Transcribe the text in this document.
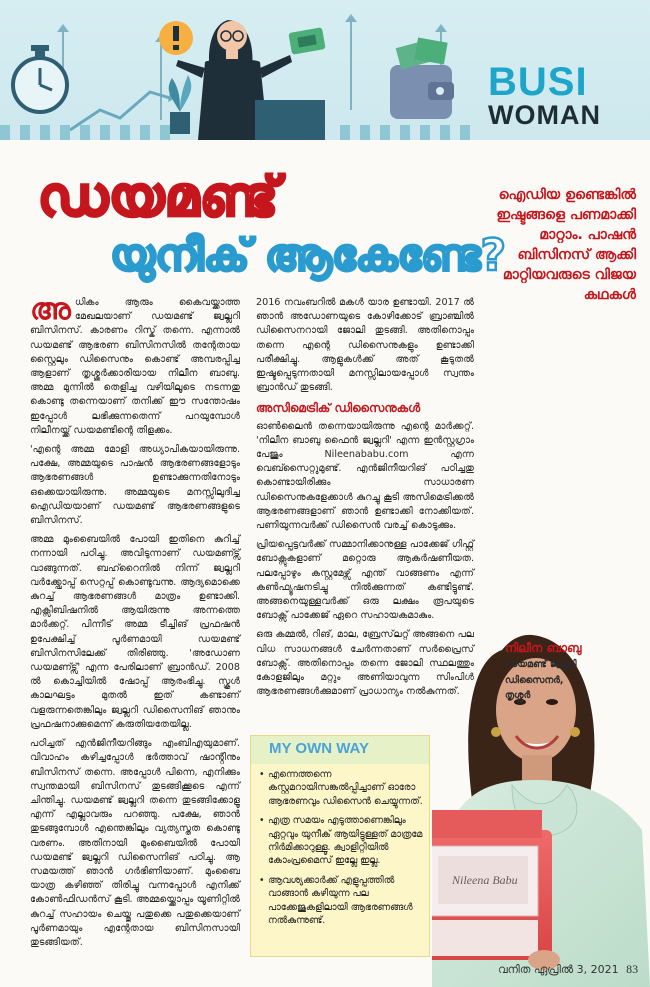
BUSI
WOMAN
ഡയമണ്ട്
യുനീക് ആകേണ്ടേ?
ഐഡിയ ഉണ്ടെങ്കിൽ ഇഷ്ടങ്ങളെ പണമാക്കി മാറ്റാം. പാഷൻ ബിസിനസ് ആക്കി മാറ്റിയവരുടെ വിജയ കഥകൾ

അധികം ആരും കൈവയ്ക്കാത്ത മേഖലയാണ് ഡയമണ്ട് ജ്വല്ലറി ബിസിനസ്. കാരണം റിസ്ക് തന്നെ. എന്നാൽ ഡയമണ്ട് ആഭരണ ബിസിനസിൽ തന്റേതായ സ്റ്റൈലും ഡിസൈനും കൊണ്ട് അമ്പരപ്പിച്ച ആളാണ് തൃശ്ശൂർക്കാരിയായ നിലീന ബാബു. അമ്മ മുന്നിൽ തെളിച്ച വഴിയിലൂടെ നടന്നതു കൊണ്ടു തന്നെയാണ് തനിക്ക് ഈ സന്തോഷം ഇപ്പോൾ ലഭിക്കുന്നതെന്ന് പറയുമ്പോൾ നിലീനയ്ക്ക് ഡയമണ്ടിന്റെ തിളക്കം.

'എന്റെ അമ്മ മോളി അധ്യാപികയായിരുന്നു. പക്ഷേ, അമ്മയുടെ പാഷൻ ആഭരണങ്ങളോടും ആഭരണങ്ങൾ ഉണ്ടാക്കുന്നതിനോടും ഒക്കെയായിരുന്നു. അമ്മയുടെ മനസ്സിലുദിച്ച ഐഡിയയാണ് ഡയമണ്ട് ആഭരണങ്ങളുടെ ബിസിനസ്.

അമ്മ മുംബൈയിൽ പോയി ഇതിനെ കുറിച്ച് നന്നായി പഠിച്ചു. അവിടുന്നാണ് ഡയമണ്ട്സ് വാങ്ങുന്നത്. ബഹ്റൈനിൽ നിന്ന് ജ്വല്ലറി വർക്ക്ഷോപ്പ് സെറ്റപ്പ് കൊണ്ടുവന്നു. ആദ്യമൊക്കെ കുറച്ച് ആഭരണങ്ങൾ മാത്രം ഉണ്ടാക്കി. എക്സിബിഷനിൽ ആയിരുന്നു അന്നത്തെ മാർക്കറ്റ്. പിന്നീട് അമ്മ ടീച്ചിങ് പ്രഫഷൻ ഉപേക്ഷിച്ച് പൂർണമായി ഡയമണ്ട് ബിസിനസിലേക്ക് തിരിഞ്ഞു. 'അഡോണ ഡയമണ്ട്സ്' എന്ന പേരിലാണ് ബ്രാൻഡ്. 2008 ൽ കൊച്ചിയിൽ ഷോപ്പ് ആരംഭിച്ചു. സ്കൂൾ കാലഘട്ടം മുതൽ ഇത് കണ്ടാണ് വളരുന്നതെങ്കിലും ജ്വല്ലറി ഡിസൈനിങ് ഞാനും പ്രഫഷനാക്കുമെന്ന് കരുതിയതേയില്ല.

പഠിച്ചത് എൻജിനീയറിങ്ങും എംബിഎയുമാണ്. വിവാഹം കഴിച്ചപ്പോൾ ഭർത്താവ് ഷാൻ്റിനും ബിസിനസ് തന്നെ. അപ്പോൾ പിന്നെ, എനിക്കും സ്വന്തമായി ബിസിനസ് തുടങ്ങിക്കൂടെ എന്ന് ചിന്തിച്ചു. ഡയമണ്ട് ജ്വല്ലറി തന്നെ തുടങ്ങിക്കോളൂ എന്ന് എല്ലാവരും പറഞ്ഞു. പക്ഷേ, ഞാൻ തുടങ്ങുമ്പോൾ എന്തെങ്കിലും വ്യത്യസ്തത കൊണ്ടു വരണം. അതിനായി മുംബൈയിൽ പോയി ഡയമണ്ട് ജ്വല്ലറി ഡിസൈനിങ് പഠിച്ചു. ആ സമയത്ത് ഞാൻ ഗർഭിണിയാണ്. മുംബൈ യാത്ര കഴിഞ്ഞ് തിരിച്ചു വന്നപ്പോൾ എനിക്ക് കോൺഫിഡൻസ് കൂടി. അമ്മയ്ക്കൊപ്പം യൂണിറ്റിൽ കുറച്ച് സഹായം ചെയ്തു പതുക്കെ പതുക്കെയാണ് പൂർണമായും എന്റേതായ ബിസിനസായി തുടങ്ങിയത്.

2016 നവംബറിൽ മകൾ യാര ഉണ്ടായി. 2017 ൽ ഞാൻ അഡോണയുടെ കോഴിക്കോട് ബ്രാഞ്ചിൽ ഡിസൈനറായി ജോലി തുടങ്ങി. അതിനൊപ്പം തന്നെ എന്റെ ഡിസൈനുകളും ഉണ്ടാക്കി പരീക്ഷിച്ചു. ആളുകൾക്ക് അത് കൂടുതൽ ഇഷ്ടപ്പെടുന്നതായി മനസ്സിലായപ്പോൾ സ്വന്തം ബ്രാൻഡ് തുടങ്ങി.

അസിമെട്രിക് ഡിസൈനുകൾ

ഓൺലൈൻ തന്നെയായിരുന്നു എന്റെ മാർക്കറ്റ്. 'നിലീന ബാബു ഫൈൻ ജ്വല്ലറി' എന്ന ഇൻസ്റ്റഗ്രാം പേജും Nileenababu.com എന്ന വെബ്സൈറ്റുമുണ്ട്. എൻജിനീയറിങ് പഠിച്ചതു കൊണ്ടായിരിക്കും സാധാരണ ഡിസൈനുകളേക്കാൾ കുറച്ചു കൂടി അസിമെട്രിക്കൽ ആഭരണങ്ങളാണ് ഞാൻ ഉണ്ടാക്കി നോക്കിയത്. പണിയുന്നവർക്ക് ഡിസൈൻ വരച്ച് കൊടുക്കും.

പ്രിയപ്പെട്ടവർക്ക് സമ്മാനിക്കാനുള്ള പാക്കേജ് ഗിഫ്റ്റ് ബോക്സുകളാണ് മറ്റൊരു ആകർഷണീയത. പലപ്പോഴും കസ്റ്റമേഴ്സ് എന്ത് വാങ്ങണം എന്ന് കൺഫ്യൂഷനടിച്ചു നിൽക്കുന്നത് കണ്ടിട്ടുണ്ട്. അങ്ങനെയുള്ളവർക്ക് ഒരു ലക്ഷം രൂപയുടെ ബോക്സ് പാക്കേജ് ഏറെ സഹായകമാകും.

ഒരു കമ്മൽ, റിങ്, മാല, ബ്രേസ്‌ലറ്റ് അങ്ങനെ പല വിധ സാധനങ്ങൾ ചേർന്നതാണ് സർപ്രൈസ് ബോക്സ്. അതിനൊപ്പം തന്നെ ജോലി സ്ഥലത്തും കോളജിലും മറ്റും അണിയാവുന്ന സിംപിൾ ആഭരണങ്ങൾക്കുമാണ് പ്രാധാന്യം നൽകുന്നത്.

MY OWN WAY
• എന്നെത്തന്നെ കസ്റ്റമറായിസങ്കൽപ്പിച്ചാണ് ഓരോ ആഭരണവും ഡിസൈൻ ചെയ്യുന്നത്.
• എത്ര സമയം എടുത്താണെങ്കിലും ഏറ്റവും യുനീക് ആയിട്ടുള്ളത് മാത്രമേ നിർമിക്കാറുള്ളൂ. ക്വാളിറ്റിയിൽ കോംപ്രമൈസ് ഇല്ലേ ഇല്ല.
• ആവശ്യക്കാർക്ക് എളുപ്പത്തിൽ വാങ്ങാൻ കഴിയുന്ന പല പാക്കേജുകളിലായി ആഭരണങ്ങൾ നൽകുന്നുണ്ട്.
Nileena Babu
നിലീന ബാബു
ഡയമണ്ട് ജ്വല്ലറി
ഡിസൈനർ,
തൃശ്ശൂർ
വനിത ഏപ്രിൽ 3, 2021 83
